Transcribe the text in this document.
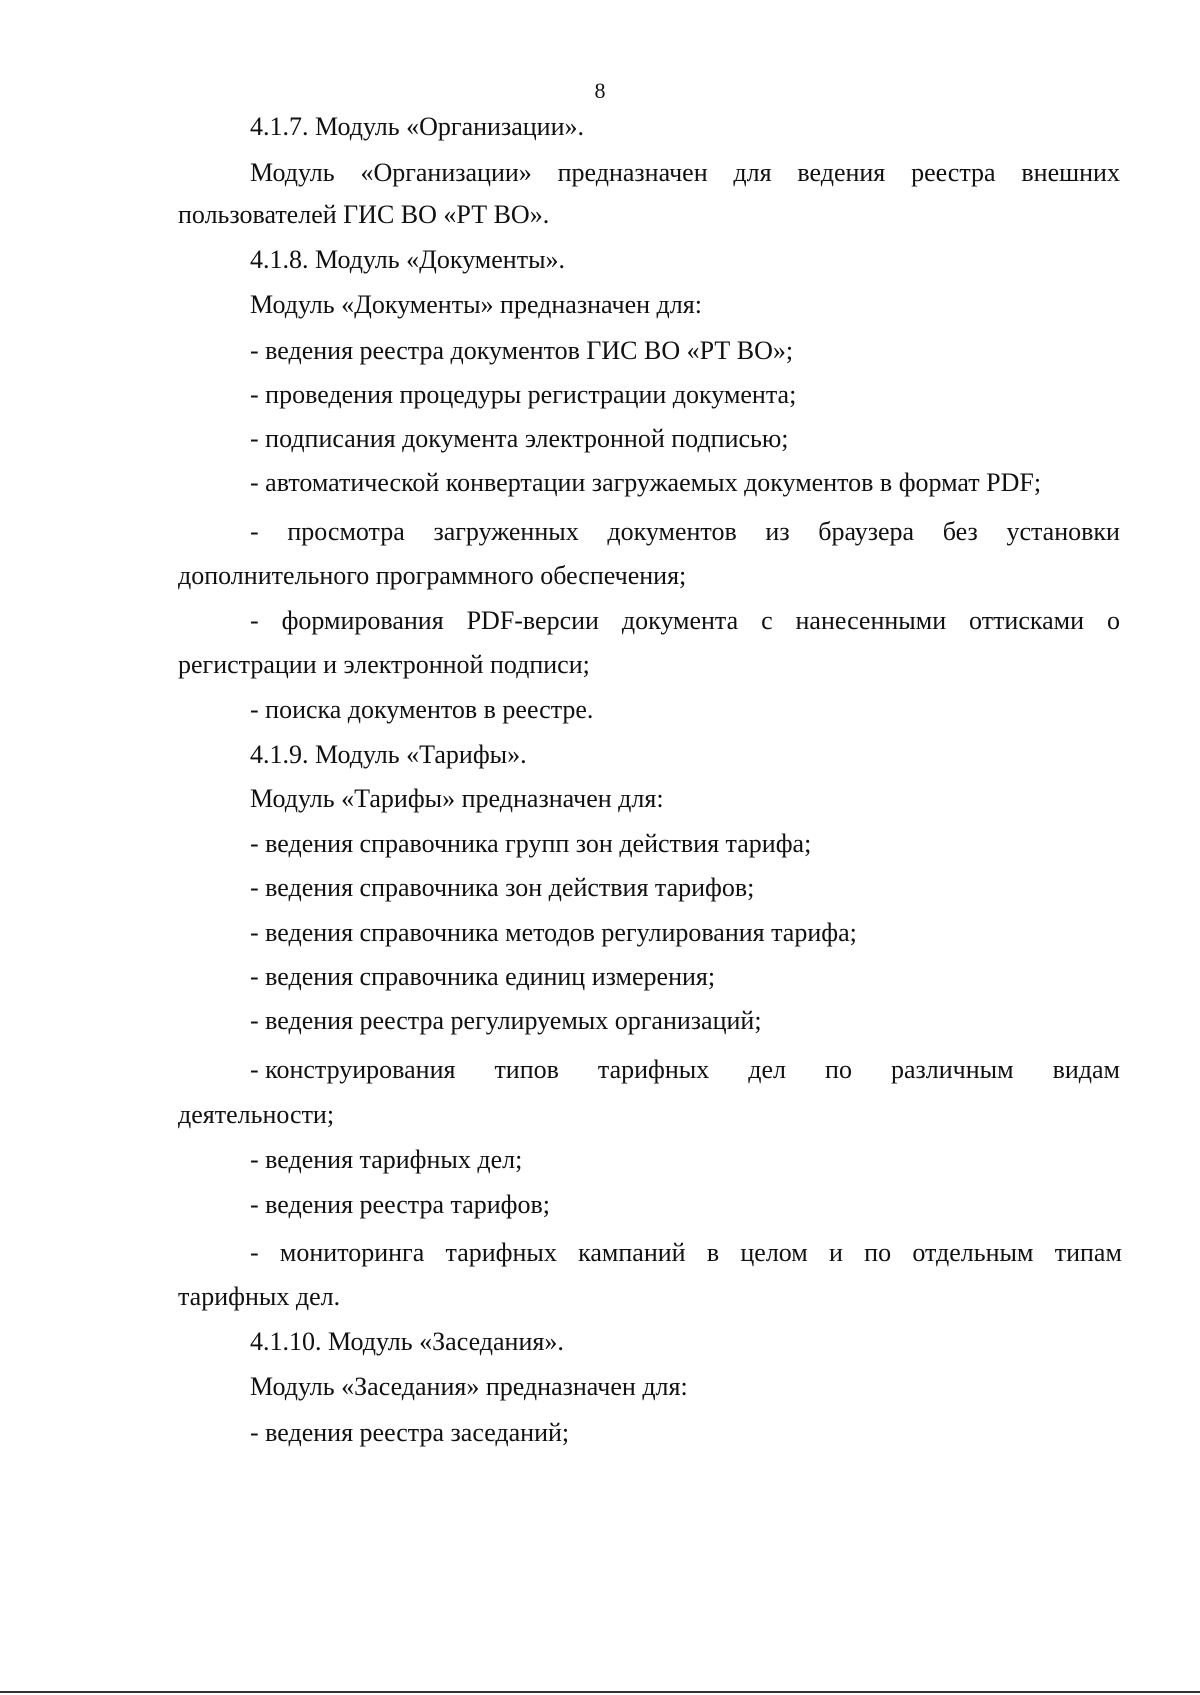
8
4.1.7. Модуль «Организации».
Модуль «Организации» предназначен для ведения реестра внешних
пользователей ГИС ВО «РТ ВО».
4.1.8. Модуль «Документы».
Модуль «Документы» предназначен для:
- ведения реестра документов ГИС ВО «РТ ВО»;
- проведения процедуры регистрации документа;
- подписания документа электронной подписью;
- автоматической конвертации загружаемых документов в формат PDF;
- просмотра загруженных документов из браузера без установки
дополнительного программного обеспечения;
- формирования PDF-версии документа с нанесенными оттисками о
регистрации и электронной подписи;
- поиска документов в реестре.
4.1.9. Модуль «Тарифы».
Модуль «Тарифы» предназначен для:
- ведения справочника групп зон действия тарифа;
- ведения справочника зон действия тарифов;
- ведения справочника методов регулирования тарифа;
- ведения справочника единиц измерения;
- ведения реестра регулируемых организаций;
- конструирования типов тарифных дел по различным видам
деятельности;
- ведения тарифных дел;
- ведения реестра тарифов;
- мониторинга тарифных кампаний в целом и по отдельным типам
тарифных дел.
4.1.10. Модуль «Заседания».
Модуль «Заседания» предназначен для:
- ведения реестра заседаний;
